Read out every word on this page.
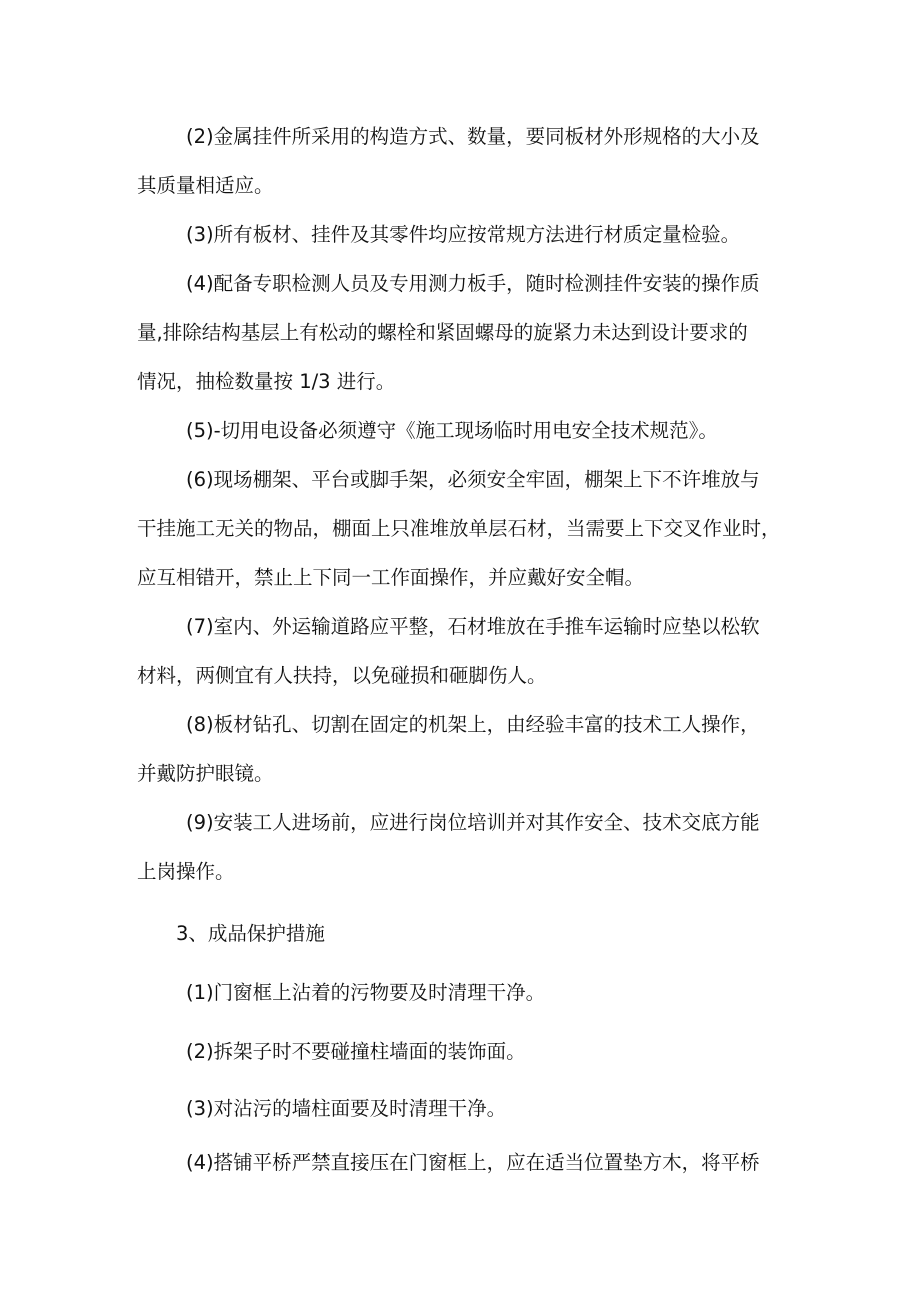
(2)金属挂件所采用的构造方式、数量，要同板材外形规格的大小及
其质量相适应。
(3)所有板材、挂件及其零件均应按常规方法进行材质定量检验。
(4)配备专职检测人员及专用测力板手，随时检测挂件安装的操作质
量,排除结构基层上有松动的螺栓和紧固螺母的旋紧力未达到设计要求的
情况，抽检数量按 1/3 进行。
(5)-切用电设备必须遵守《施工现场临时用电安全技术规范》。
(6)现场棚架、平台或脚手架，必须安全牢固，棚架上下不许堆放与
干挂施工无关的物品，棚面上只准堆放单层石材，当需要上下交叉作业时，
应互相错开，禁止上下同一工作面操作，并应戴好安全帽。
(7)室内、外运输道路应平整，石材堆放在手推车运输时应垫以松软
材料，两侧宜有人扶持，以免碰损和砸脚伤人。
(8)板材钻孔、切割在固定的机架上，由经验丰富的技术工人操作，
并戴防护眼镜。
(9)安装工人进场前，应进行岗位培训并对其作安全、技术交底方能
上岗操作。
3、成品保护措施
(1)门窗框上沾着的污物要及时清理干净。
(2)拆架子时不要碰撞柱墙面的装饰面。
(3)对沾污的墙柱面要及时清理干净。
(4)搭铺平桥严禁直接压在门窗框上，应在适当位置垫方木，将平桥
